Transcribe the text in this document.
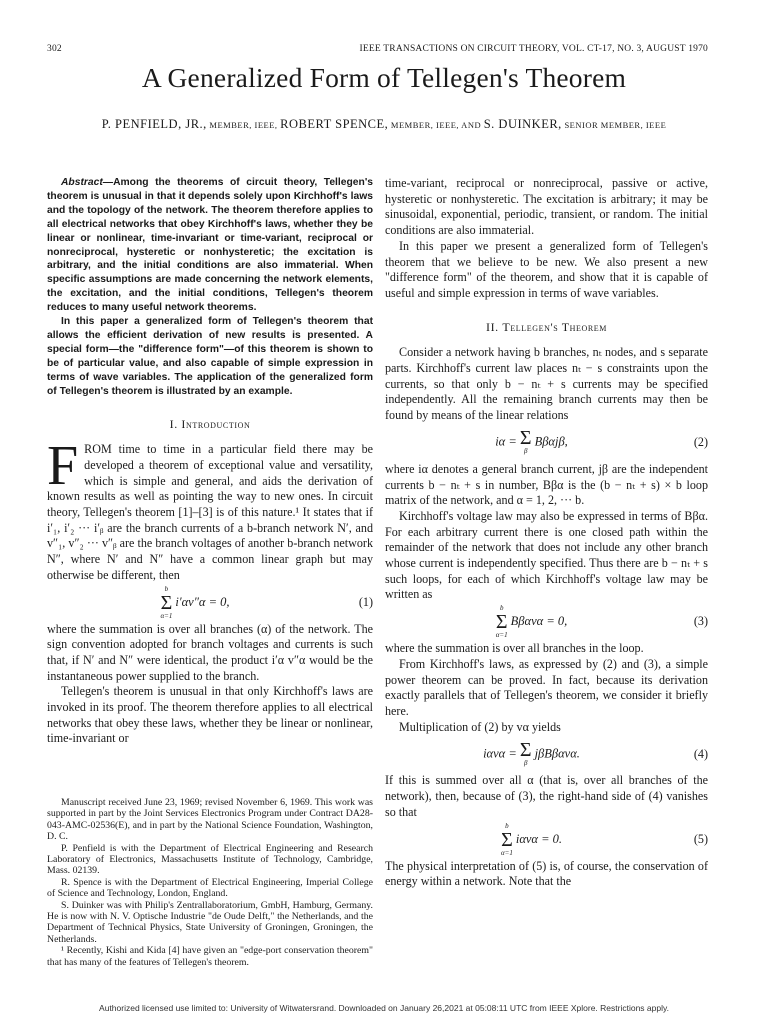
302	IEEE TRANSACTIONS ON CIRCUIT THEORY, VOL. CT-17, NO. 3, AUGUST 1970
A Generalized Form of Tellegen's Theorem
P. PENFIELD, JR., MEMBER, IEEE, ROBERT SPENCE, MEMBER, IEEE, AND S. DUINKER, SENIOR MEMBER, IEEE

Abstract—Among the theorems of circuit theory, Tellegen's theorem is unusual in that it depends solely upon Kirchhoff's laws and the topology of the network. The theorem therefore applies to all electrical networks that obey Kirchhoff's laws, whether they be linear or nonlinear, time-invariant or time-variant, reciprocal or nonreciprocal, hysteretic or nonhysteretic; the excitation is arbitrary, and the initial conditions are also immaterial. When specific assumptions are made concerning the network elements, the excitation, and the initial conditions, Tellegen's theorem reduces to many useful network theorems.

In this paper a generalized form of Tellegen's theorem that allows the efficient derivation of new results is presented. A special form—the "difference form"—of this theorem is shown to be of particular value, and also capable of simple expression in terms of wave variables. The application of the generalized form of Tellegen's theorem is illustrated by an example.

I. Introduction
F ROM time to time in a particular field there may be developed a theorem of exceptional value and versatility, which is simple and general, and aids the derivation of known results as well as pointing the way to new ones. In circuit theory, Tellegen's theorem [1]–[3] is of this nature.¹ It states that if i′₁, i′₂ ··· i′ᵦ are the branch currents of a b-branch network N′, and v″₁, v″₂ ··· v″ᵦ are the branch voltages of another b-branch network N″, where N′ and N″ have a common linear graph but may otherwise be different, then

b
Σ
α=1
i′αv″α = 0,	(1)

where the summation is over all branches (α) of the network. The sign convention adopted for branch voltages and currents is such that, if N′ and N″ were identical, the product i′α v″α would be the instantaneous power supplied to the branch.

Tellegen's theorem is unusual in that only Kirchhoff's laws are invoked in its proof. The theorem therefore applies to all electrical networks that obey these laws, whether they be linear or nonlinear, time-invariant or

Manuscript received June 23, 1969; revised November 6, 1969. This work was supported in part by the Joint Services Electronics Program under Contract DA28-043-AMC-02536(E), and in part by the National Science Foundation, Washington, D. C.

P. Penfield is with the Department of Electrical Engineering and Research Laboratory of Electronics, Massachusetts Institute of Technology, Cambridge, Mass. 02139.

R. Spence is with the Department of Electrical Engineering, Imperial College of Science and Technology, London, England.

S. Duinker was with Philip's Zentrallaboratorium, GmbH, Hamburg, Germany. He is now with N. V. Optische Industrie "de Oude Delft," the Netherlands, and the Department of Technical Physics, State University of Groningen, Groningen, the Netherlands.

¹ Recently, Kishi and Kida [4] have given an "edge-port conservation theorem" that has many of the features of Tellegen's theorem.

time-variant, reciprocal or nonreciprocal, passive or active, hysteretic or nonhysteretic. The excitation is arbitrary; it may be sinusoidal, exponential, periodic, transient, or random. The initial conditions are also immaterial.

In this paper we present a generalized form of Tellegen's theorem that we believe to be new. We also present a new "difference form" of the theorem, and show that it is capable of useful and simple expression in terms of wave variables.

II. Tellegen's Theorem

Consider a network having b branches, nₜ nodes, and s separate parts. Kirchhoff's current law places nₜ − s constraints upon the currents, so that only b − nₜ + s currents may be specified independently. All the remaining branch currents may then be found by means of the linear relations

iα = Σ
β
Bβαjβ,	(2)

where iα denotes a general branch current, jβ are the independent currents b − nₜ + s in number, Bβα is the (b − nₜ + s) × b loop matrix of the network, and α = 1, 2, ··· b.

Kirchhoff's voltage law may also be expressed in terms of Bβα. For each arbitrary current there is one closed path within the remainder of the network that does not include any other branch whose current is independently specified. Thus there are b − nₜ + s such loops, for each of which Kirchhoff's voltage law may be written as

b
Σ
α=1
Bβαvα = 0,	(3)

where the summation is over all branches in the loop.

From Kirchhoff's laws, as expressed by (2) and (3), a simple power theorem can be proved. In fact, because its derivation exactly parallels that of Tellegen's theorem, we consider it briefly here.

Multiplication of (2) by vα yields

iαvα = Σ
β
jβBβαvα.	(4)

If this is summed over all α (that is, over all branches of the network), then, because of (3), the right-hand side of (4) vanishes so that

b
Σ
α=1
iαvα = 0.	(5)

The physical interpretation of (5) is, of course, the conservation of energy within a network. Note that the

Authorized licensed use limited to: University of Witwatersrand. Downloaded on January 26,2021 at 05:08:11 UTC from IEEE Xplore. Restrictions apply.
